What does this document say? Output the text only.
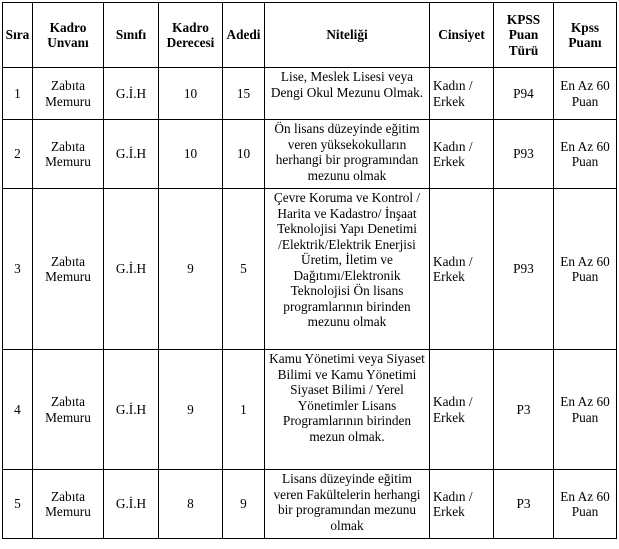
Sıra	Kadro Unvanı	Sınıfı	Kadro Derecesi	Adedi	Niteliği	Cinsiyet	KPSS Puan Türü	Kpss Puanı
1	Zabıta Memuru	G.İ.H	10	15	Lise, Meslek Lisesi veya Dengi Okul Mezunu Olmak.	Kadın / Erkek	P94	En Az 60 Puan
2	Zabıta Memuru	G.İ.H	10	10	Ön lisans düzeyinde eğitim veren yüksekokulların herhangi bir programından mezunu olmak	Kadın / Erkek	P93	En Az 60 Puan
3	Zabıta Memuru	G.İ.H	9	5	Çevre Koruma ve Kontrol / Harita ve Kadastro/ İnşaat Teknolojisi Yapı Denetimi /Elektrik/Elektrik Enerjisi Üretim, İletim ve Dağıtımı/Elektronik Teknolojisi Ön lisans programlarının birinden mezunu olmak	Kadın / Erkek	P93	En Az 60 Puan
4	Zabıta Memuru	G.İ.H	9	1	Kamu Yönetimi veya Siyaset Bilimi ve Kamu Yönetimi Siyaset Bilimi / Yerel Yönetimler Lisans Programlarının birinden mezun olmak.	Kadın / Erkek	P3	En Az 60 Puan
5	Zabıta Memuru	G.İ.H	8	9	Lisans düzeyinde eğitim veren Fakültelerin herhangi bir programından mezunu olmak	Kadın / Erkek	P3	En Az 60 Puan
